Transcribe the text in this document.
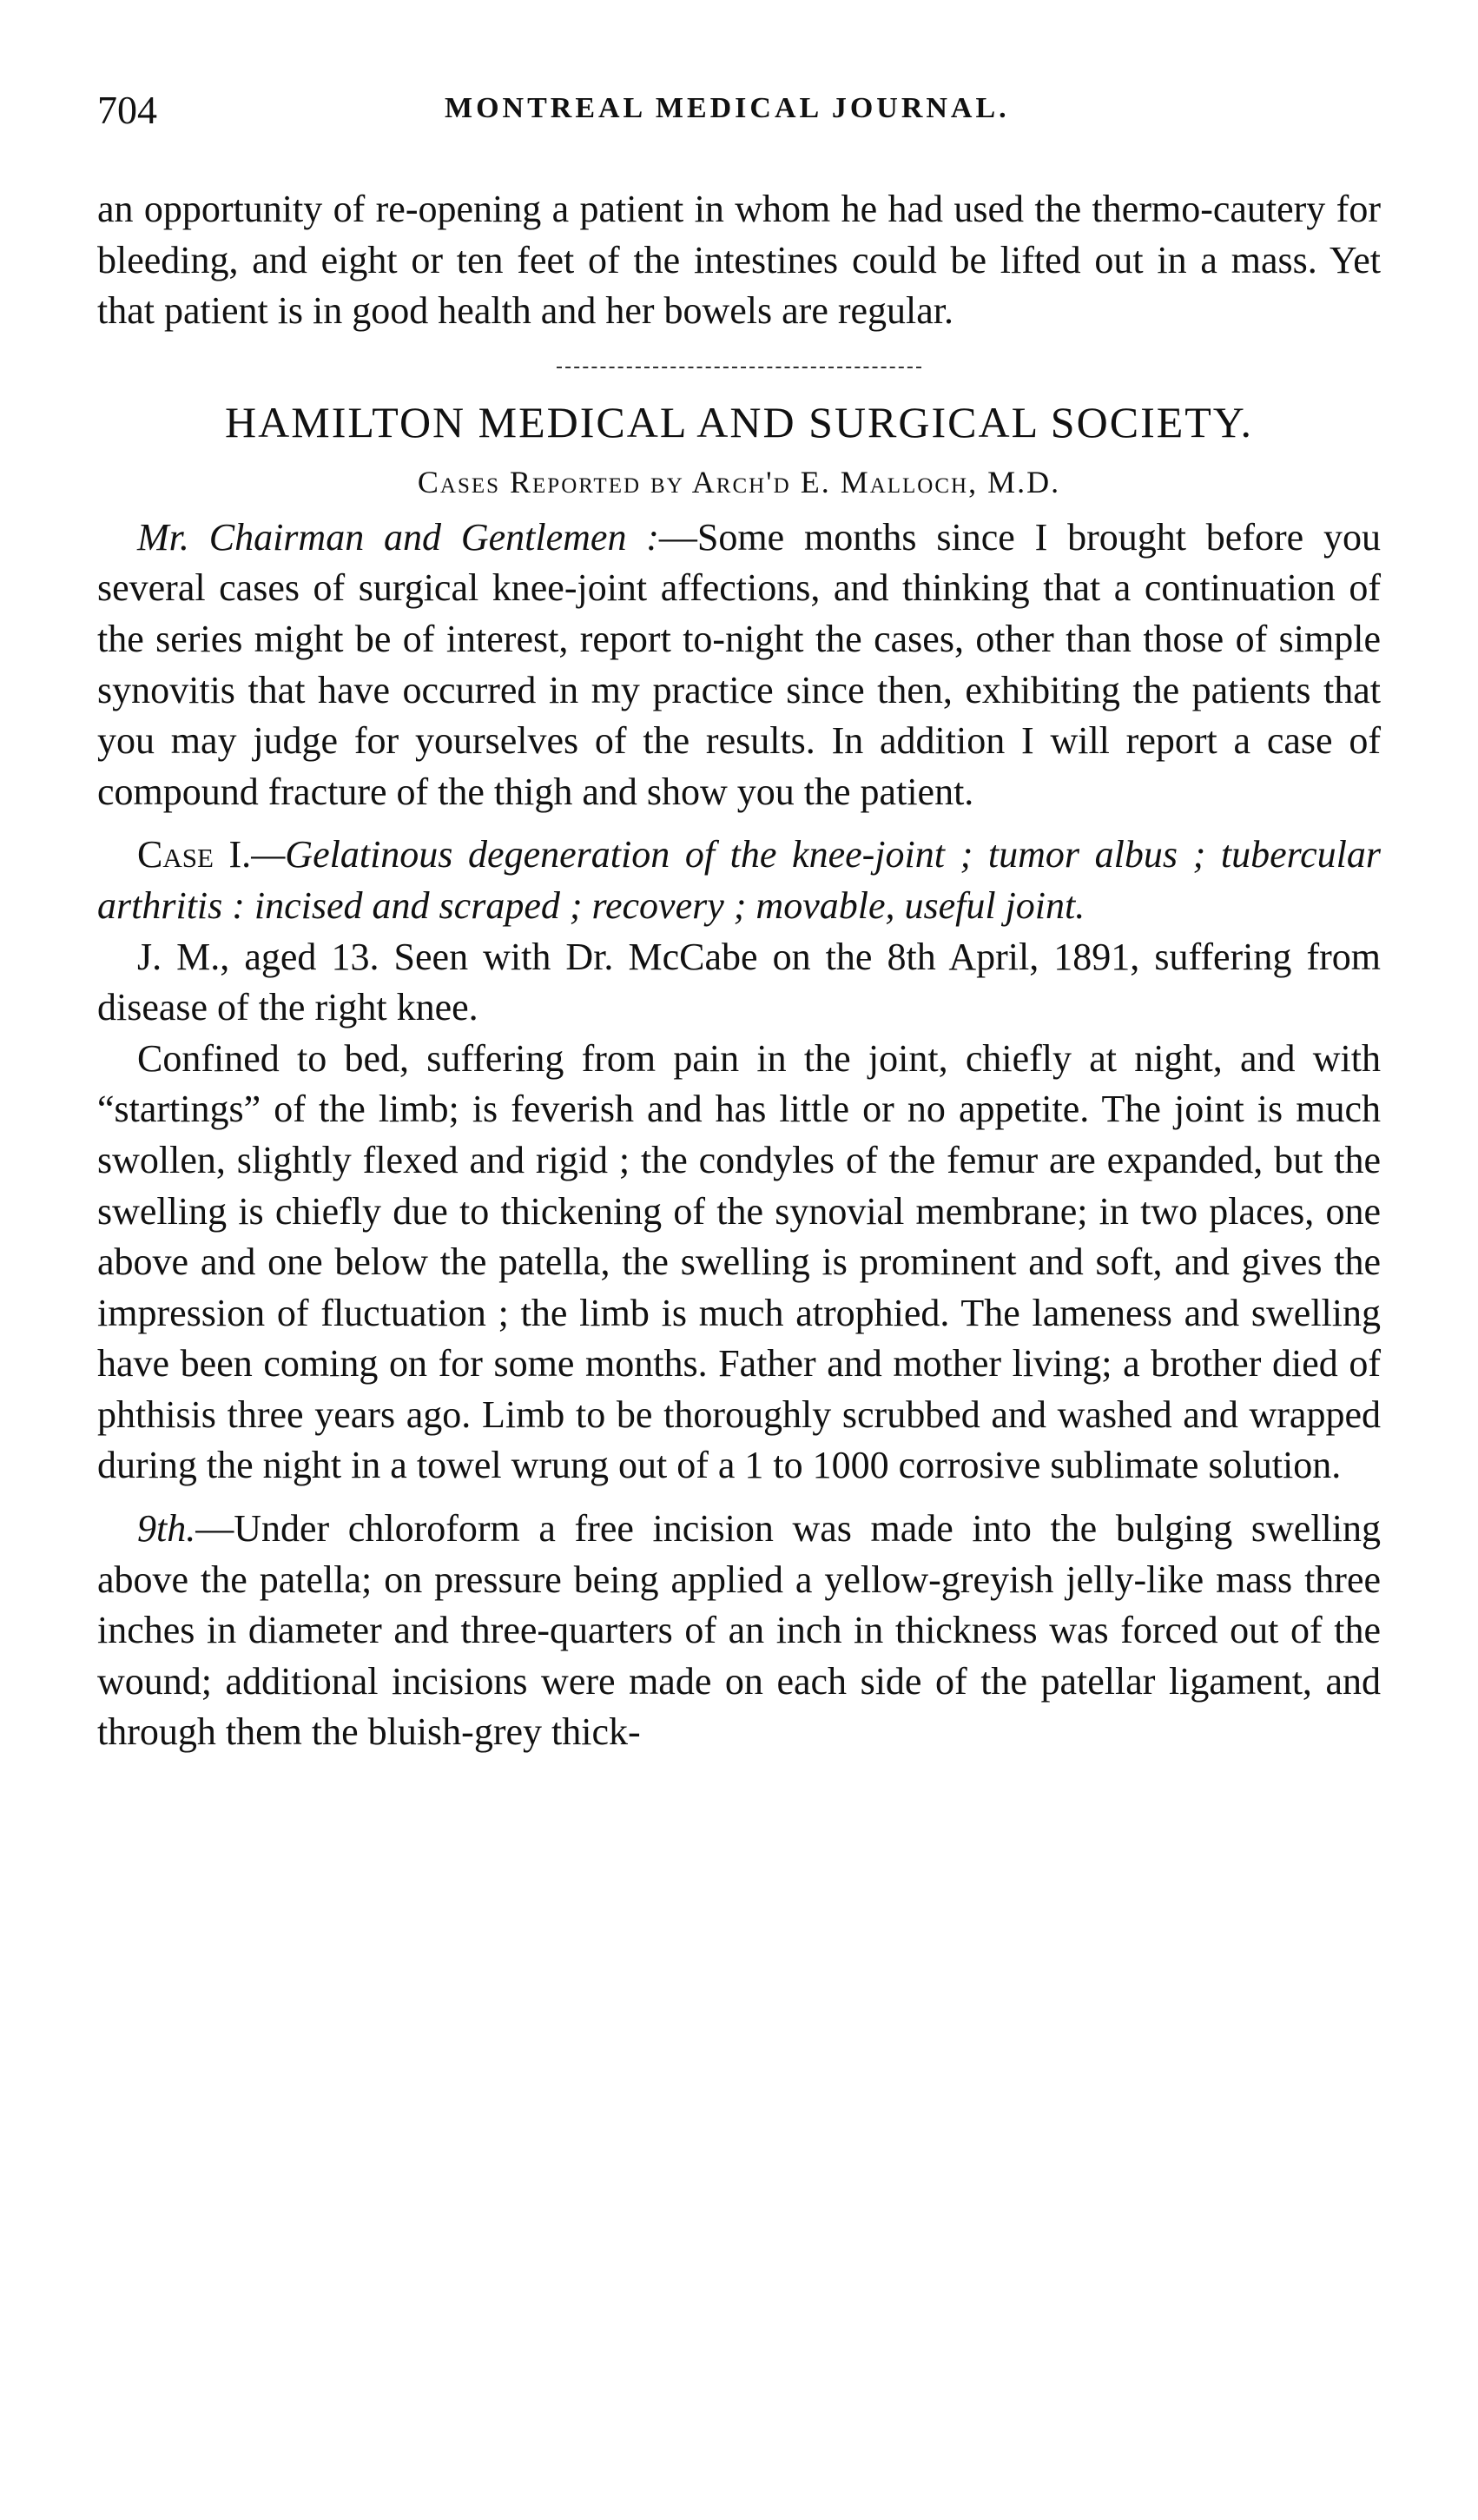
704	MONTREAL MEDICAL JOURNAL.

an opportunity of re-opening a patient in whom he had used the thermo-cautery for bleeding, and eight or ten feet of the intestines could be lifted out in a mass. Yet that patient is in good health and her bowels are regular.

HAMILTON MEDICAL AND SURGICAL SOCIETY.
Cases Reported by Arch'd E. Malloch, M.D.

Mr. Chairman and Gentlemen :—Some months since I brought before you several cases of surgical knee-joint affections, and thinking that a continuation of the series might be of interest, report to-night the cases, other than those of simple synovitis that have occurred in my practice since then, exhibiting the patients that you may judge for yourselves of the results. In addition I will report a case of compound fracture of the thigh and show you the patient.

Case I.—Gelatinous degeneration of the knee-joint ; tumor albus ; tubercular arthritis : incised and scraped ; recovery ; movable, useful joint.

J. M., aged 13. Seen with Dr. McCabe on the 8th April, 1891, suffering from disease of the right knee.

Confined to bed, suffering from pain in the joint, chiefly at night, and with “startings” of the limb; is feverish and has little or no appetite. The joint is much swollen, slightly flexed and rigid ; the condyles of the femur are expanded, but the swelling is chiefly due to thickening of the synovial membrane; in two places, one above and one below the patella, the swelling is prominent and soft, and gives the impression of fluctuation ; the limb is much atrophied. The lameness and swelling have been coming on for some months. Father and mother living; a brother died of phthisis three years ago. Limb to be thoroughly scrubbed and washed and wrapped during the night in a towel wrung out of a 1 to 1000 corrosive sublimate solution.

9th.—Under chloroform a free incision was made into the bulging swelling above the patella; on pressure being applied a yellow-greyish jelly-like mass three inches in diameter and three-quarters of an inch in thickness was forced out of the wound; additional incisions were made on each side of the patellar ligament, and through them the bluish-grey thick-
